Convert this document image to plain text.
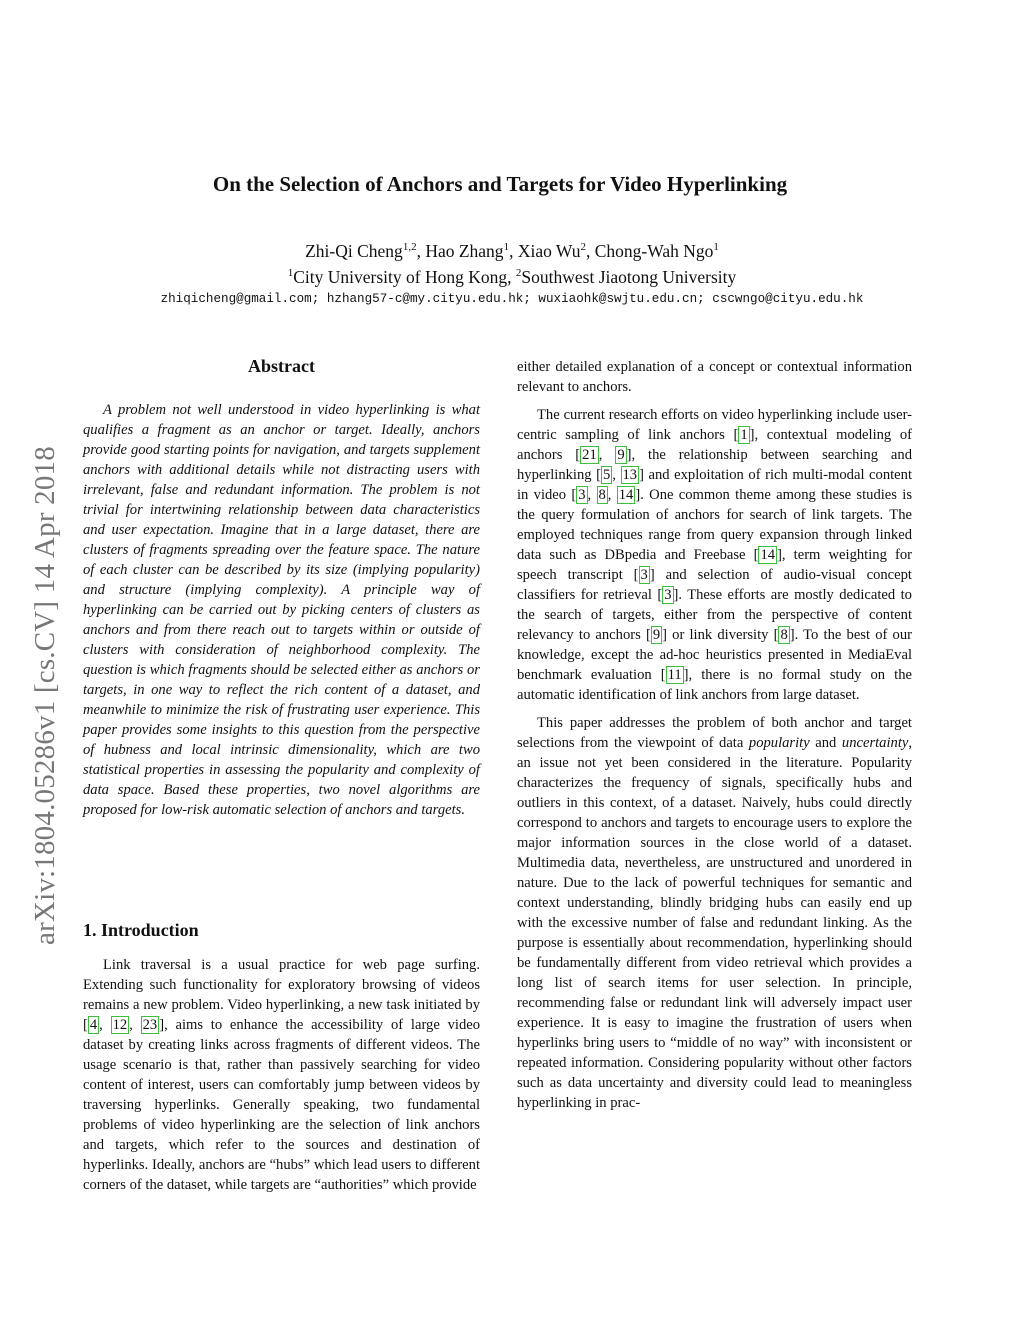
On the Selection of Anchors and Targets for Video Hyperlinking
Zhi-Qi Cheng$^{1,2}$, Hao Zhang$^1$, Xiao Wu$^2$, Chong-Wah Ngo$^1$
$^1$City University of Hong Kong, $^2$Southwest Jiaotong University
zhiqicheng@gmail.com; hzhang57-c@my.cityu.edu.hk; wuxiaohk@swjtu.edu.cn; cscwngo@cityu.edu.hk
arXiv:1804.05286v1 [cs.CV] 14 Apr 2018
Abstract

A problem not well understood in video hyperlinking is what qualifies a fragment as an anchor or target. Ideally, anchors provide good starting points for navigation, and targets supplement anchors with additional details while not distracting users with irrelevant, false and redundant information. The problem is not trivial for intertwining relationship between data characteristics and user expectation. Imagine that in a large dataset, there are clusters of fragments spreading over the feature space. The nature of each cluster can be described by its size (implying popularity) and structure (implying complexity). A principle way of hyperlinking can be carried out by picking centers of clusters as anchors and from there reach out to targets within or outside of clusters with consideration of neighborhood complexity. The question is which fragments should be selected either as anchors or targets, in one way to reflect the rich content of a dataset, and meanwhile to minimize the risk of frustrating user experience. This paper provides some insights to this question from the perspective of hubness and local intrinsic dimensionality, which are two statistical properties in assessing the popularity and complexity of data space. Based these properties, two novel algorithms are proposed for low-risk automatic selection of anchors and targets.

1. Introduction

Link traversal is a usual practice for web page surfing. Extending such functionality for exploratory browsing of videos remains a new problem. Video hyperlinking, a new task initiated by [ 4 , 12 , 23 ], aims to enhance the accessibility of large video dataset by creating links across fragments of different videos. The usage scenario is that, rather than passively searching for video content of interest, users can comfortably jump between videos by traversing hyperlinks. Generally speaking, two fundamental problems of video hyperlinking are the selection of link anchors and targets, which refer to the sources and destination of hyperlinks. Ideally, anchors are “hubs” which lead users to different corners of the dataset, while targets are “authorities” which provide

either detailed explanation of a concept or contextual information relevant to anchors.

The current research efforts on video hyperlinking include user-centric sampling of link anchors [ 1 ], contextual modeling of anchors [ 21 , 9 ], the relationship between searching and hyperlinking [ 5 , 13 ] and exploitation of rich multi-modal content in video [ 3 , 8 , 14 ]. One common theme among these studies is the query formulation of anchors for search of link targets. The employed techniques range from query expansion through linked data such as DBpedia and Freebase [ 14 ], term weighting for speech transcript [ 3 ] and selection of audio-visual concept classifiers for retrieval [ 3 ]. These efforts are mostly dedicated to the search of targets, either from the perspective of content relevancy to anchors [ 9 ] or link diversity [ 8 ]. To the best of our knowledge, except the ad-hoc heuristics presented in MediaEval benchmark evaluation [ 11 ], there is no formal study on the automatic identification of link anchors from large dataset.

This paper addresses the problem of both anchor and target selections from the viewpoint of data popularity and uncertainty, an issue not yet been considered in the literature. Popularity characterizes the frequency of signals, specifically hubs and outliers in this context, of a dataset. Naively, hubs could directly correspond to anchors and targets to encourage users to explore the major information sources in the close world of a dataset. Multimedia data, nevertheless, are unstructured and unordered in nature. Due to the lack of powerful techniques for semantic and context understanding, blindly bridging hubs can easily end up with the excessive number of false and redundant linking. As the purpose is essentially about recommendation, hyperlinking should be fundamentally different from video retrieval which provides a long list of search items for user selection. In principle, recommending false or redundant link will adversely impact user experience. It is easy to imagine the frustration of users when hyperlinks bring users to “middle of no way” with inconsistent or repeated information. Considering popularity without other factors such as data uncertainty and diversity could lead to meaningless hyperlinking in prac-
